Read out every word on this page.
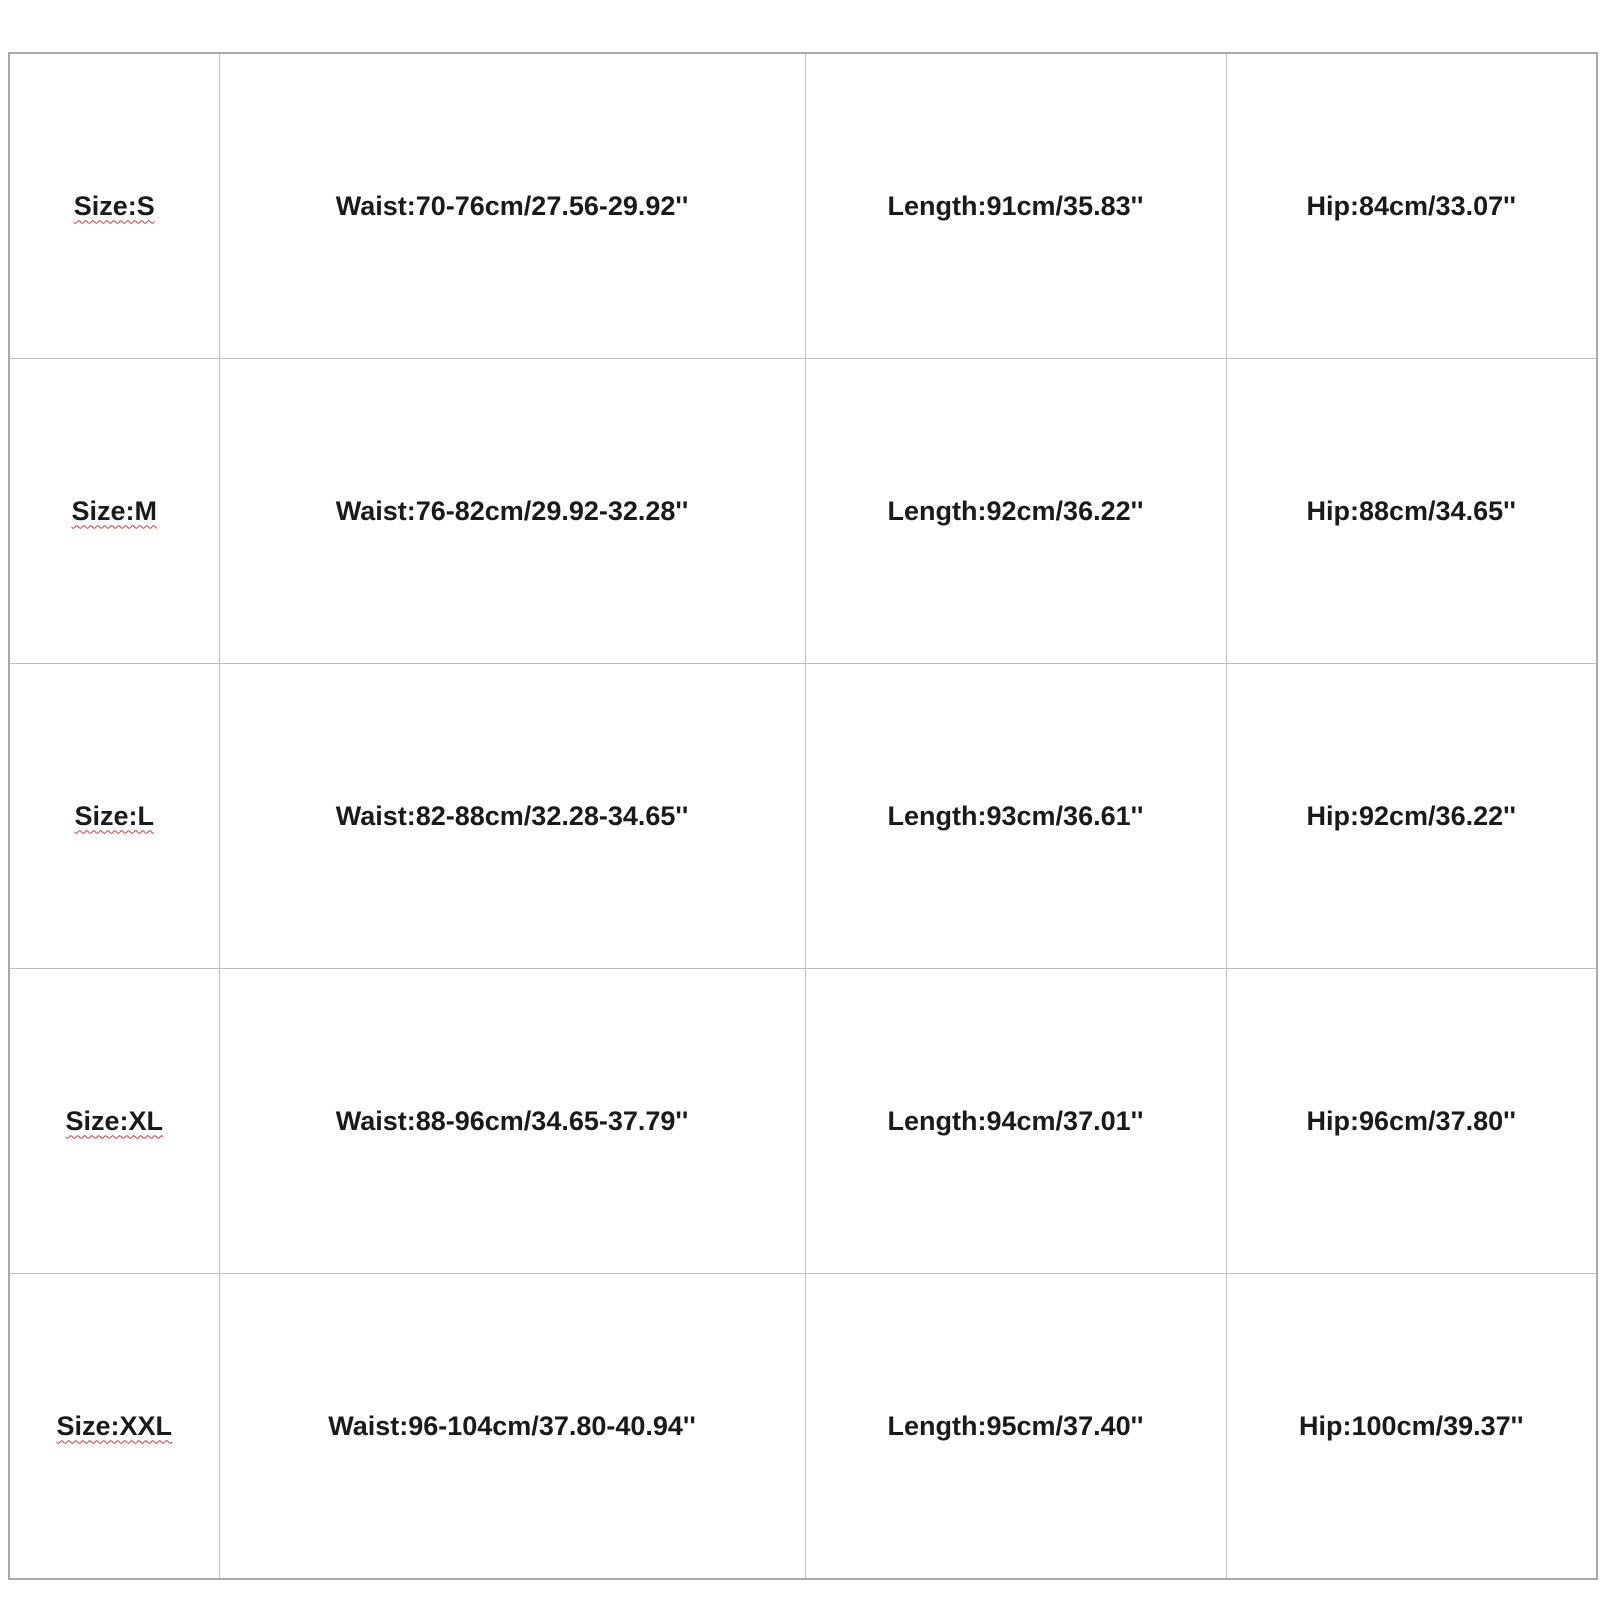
Size:S	Waist:70-76cm/27.56-29.92''	Length:91cm/35.83''	Hip:84cm/33.07''
Size:M	Waist:76-82cm/29.92-32.28''	Length:92cm/36.22''	Hip:88cm/34.65''
Size:L	Waist:82-88cm/32.28-34.65''	Length:93cm/36.61''	Hip:92cm/36.22''
Size:XL	Waist:88-96cm/34.65-37.79''	Length:94cm/37.01''	Hip:96cm/37.80''
Size:XXL	Waist:96-104cm/37.80-40.94''	Length:95cm/37.40''	Hip:100cm/39.37''
